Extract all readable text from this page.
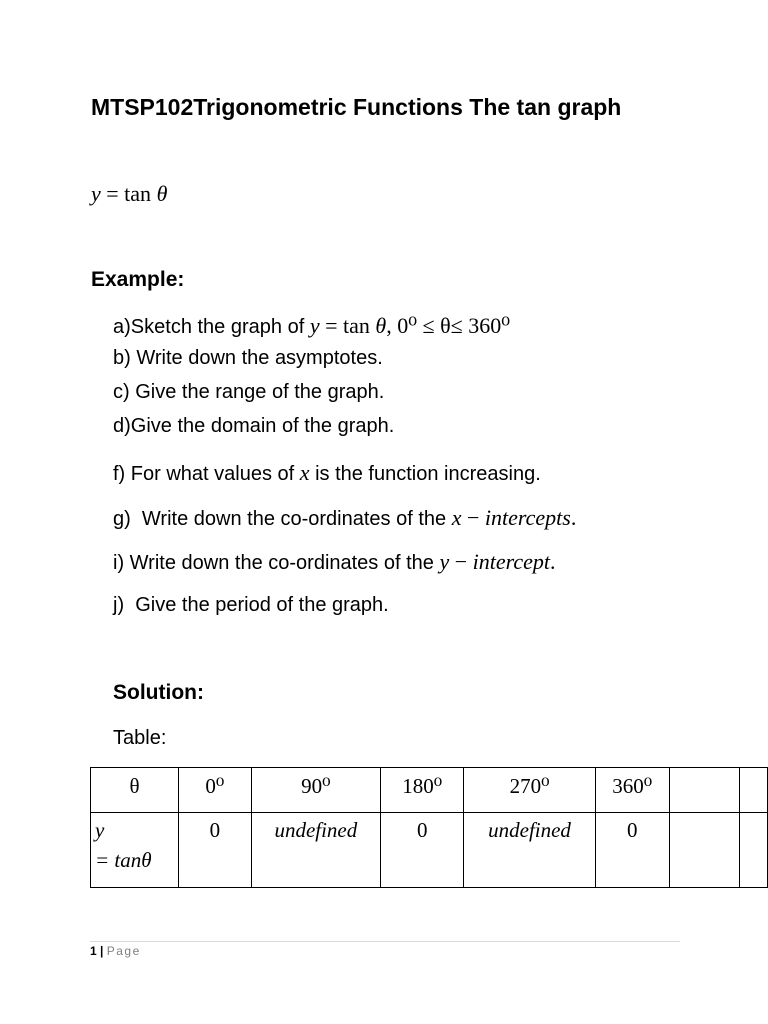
MTSP102Trigonometric Functions The tan graph
y = tan θ
Example:
a)Sketch the graph of y = tan θ, 0⁰ ≤ θ≤ 360⁰
b) Write down the asymptotes.
c) Give the range of the graph.
d)Give the domain of the graph.
f) For what values of x is the function increasing.
g)  Write down the co-ordinates of the x − intercepts.
i) Write down the co-ordinates of the y − intercept.
j)  Give the period of the graph.
Solution:
Table:
θ	0⁰	90⁰	180⁰	270⁰	360⁰		

y
= tanθ	0	undefined	0	undefined	0		
1 | Page
